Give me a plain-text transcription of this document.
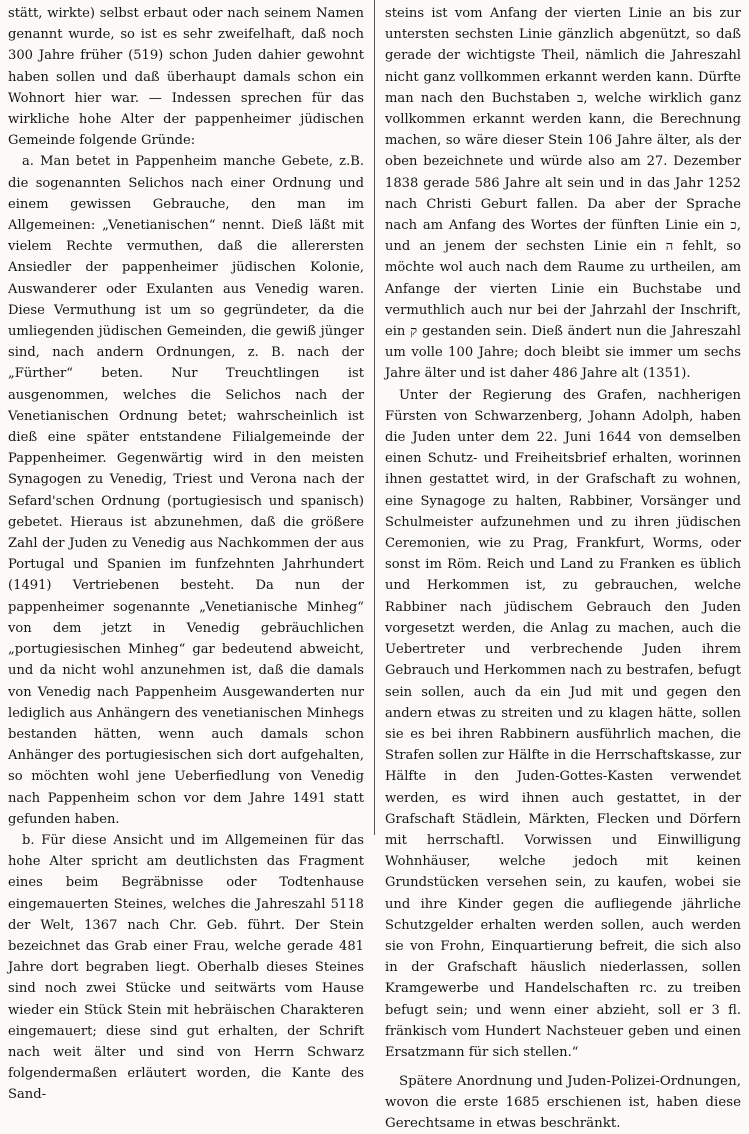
stätt, wirkte) selbst erbaut oder nach seinem Namen genannt wurde, so ist es sehr zweifelhaft, daß noch 300 Jahre früher (519) schon Juden dahier gewohnt haben sollen und daß überhaupt damals schon ein Wohnort hier war. — Indessen sprechen für das wirkliche hohe Alter der pappenheimer jüdischen Gemeinde folgende Gründe:

a. Man betet in Pappenheim manche Gebete, z.B. die sogenannten Selichos nach einer Ordnung und einem gewissen Gebrauche, den man im Allgemeinen: „Venetianischen“ nennt. Dieß läßt mit vielem Rechte vermuthen, daß die allerersten Ansiedler der pappenheimer jüdischen Kolonie, Auswanderer oder Exulanten aus Venedig waren. Diese Vermuthung ist um so gegründeter, da die umliegenden jüdischen Gemeinden, die gewiß jünger sind, nach andern Ordnungen, z. B. nach der „Fürther“ beten. Nur Treuchtlingen ist ausgenommen, welches die Selichos nach der Venetianischen Ordnung betet; wahrscheinlich ist dieß eine später entstandene Filialgemeinde der Pappenheimer. Gegenwärtig wird in den meisten Synagogen zu Venedig, Triest und Verona nach der Sefard'schen Ordnung (portugiesisch und spanisch) gebetet. Hieraus ist abzunehmen, daß die größere Zahl der Juden zu Venedig aus Nachkommen der aus Portugal und Spanien im funfzehnten Jahrhundert (1491) Vertriebenen besteht. Da nun der pappenheimer sogenannte „Venetianische Minheg“ von dem jetzt in Venedig gebräuchlichen „portugiesischen Minheg“ gar bedeutend abweicht, und da nicht wohl anzunehmen ist, daß die damals von Venedig nach Pappenheim Ausgewanderten nur lediglich aus Anhängern des venetianischen Minhegs bestanden hätten, wenn auch damals schon Anhänger des portugiesischen sich dort aufgehalten, so möchten wohl jene Ueberfiedlung von Venedig nach Pappenheim schon vor dem Jahre 1491 statt gefunden haben.

b. Für diese Ansicht und im Allgemeinen für das hohe Alter spricht am deutlichsten das Fragment eines beim Begräbnisse oder Todtenhause eingemauerten Steines, welches die Jahreszahl 5118 der Welt, 1367 nach Chr. Geb. führt. Der Stein bezeichnet das Grab einer Frau, welche gerade 481 Jahre dort begraben liegt. Oberhalb dieses Steines sind noch zwei Stücke und seitwärts vom Hause wieder ein Stück Stein mit hebräischen Charakteren eingemauert; diese sind gut erhalten, der Schrift nach weit älter und sind von Herrn Schwarz folgendermaßen erläutert worden, die Kante des Sand-

steins ist vom Anfang der vierten Linie an bis zur untersten sechsten Linie gänzlich abgenützt, so daß gerade der wichtigste Theil, nämlich die Jahreszahl nicht ganz vollkommen erkannt werden kann. Dürfte man nach den Buchstaben ב, welche wirklich ganz vollkommen erkannt werden kann, die Berechnung machen, so wäre dieser Stein 106 Jahre älter, als der oben bezeichnete und würde also am 27. Dezember 1838 gerade 586 Jahre alt sein und in das Jahr 1252 nach Christi Geburt fallen. Da aber der Sprache nach am Anfang des Wortes der fünften Linie ein כ, und an jenem der sechsten Linie ein ה fehlt, so möchte wol auch nach dem Raume zu urtheilen, am Anfange der vierten Linie ein Buchstabe und vermuthlich auch nur bei der Jahrzahl der Inschrift, ein ק gestanden sein. Dieß ändert nun die Jahreszahl um volle 100 Jahre; doch bleibt sie immer um sechs Jahre älter und ist daher 486 Jahre alt (1351).

Unter der Regierung des Grafen, nachherigen Fürsten von Schwarzenberg, Johann Adolph, haben die Juden unter dem 22. Juni 1644 von demselben einen Schutz- und Freiheitsbrief erhalten, worinnen ihnen gestattet wird, in der Grafschaft zu wohnen, eine Synagoge zu halten, Rabbiner, Vorsänger und Schulmeister aufzunehmen und zu ihren jüdischen Ceremonien, wie zu Prag, Frankfurt, Worms, oder sonst im Röm. Reich und Land zu Franken es üblich und Herkommen ist, zu gebrauchen, welche Rabbiner nach jüdischem Gebrauch den Juden vorgesetzt werden, die Anlag zu machen, auch die Uebertreter und verbrechende Juden ihrem Gebrauch und Herkommen nach zu bestrafen, befugt sein sollen, auch da ein Jud mit und gegen den andern etwas zu streiten und zu klagen hätte, sollen sie es bei ihren Rabbinern ausführlich machen, die Strafen sollen zur Hälfte in die Herrschaftskasse, zur Hälfte in den Juden-Gottes-Kasten verwendet werden, es wird ihnen auch gestattet, in der Grafschaft Städlein, Märkten, Flecken und Dörfern mit herrschaftl. Vorwissen und Einwilligung Wohnhäuser, welche jedoch mit keinen Grundstücken versehen sein, zu kaufen, wobei sie und ihre Kinder gegen die aufliegende jährliche Schutzgelder erhalten werden sollen, auch werden sie von Frohn, Einquartierung befreit, die sich also in der Grafschaft häuslich niederlassen, sollen Kramgewerbe und Handelschaften rc. zu treiben befugt sein; und wenn einer abzieht, soll er 3 fl. fränkisch vom Hundert Nachsteuer geben und einen Ersatzmann für sich stellen.“

Spätere Anordnung und Juden-Polizei-Ordnungen, wovon die erste 1685 erschienen ist, haben diese Gerechtsame in etwas beschränkt.
